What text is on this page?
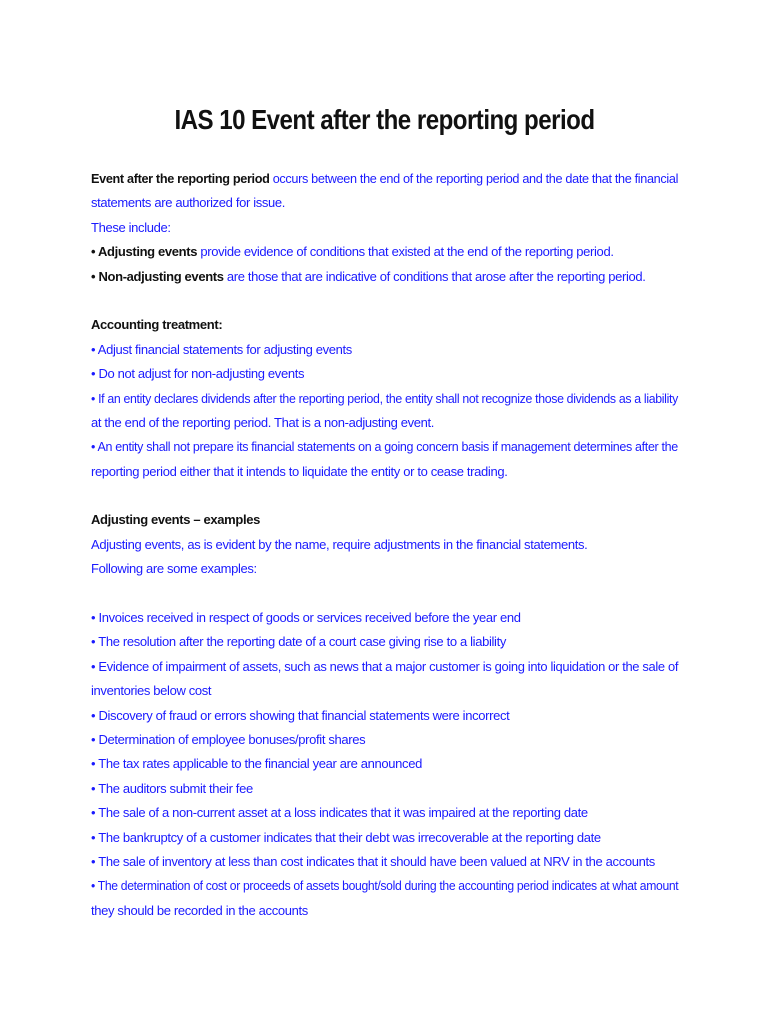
IAS 10 Event after the reporting period
Event after the reporting period occurs between the end of the reporting period and the date that the financial
statements are authorized for issue.
These include:
• Adjusting events provide evidence of conditions that existed at the end of the reporting period.
• Non-adjusting events are those that are indicative of conditions that arose after the reporting period.
Accounting treatment:
• Adjust financial statements for adjusting events
• Do not adjust for non-adjusting events
• If an entity declares dividends after the reporting period, the entity shall not recognize those dividends as a liability
at the end of the reporting period. That is a non-adjusting event.
• An entity shall not prepare its financial statements on a going concern basis if management determines after the
reporting period either that it intends to liquidate the entity or to cease trading.
Adjusting events – examples
Adjusting events, as is evident by the name, require adjustments in the financial statements.
Following are some examples:
• Invoices received in respect of goods or services received before the year end
• The resolution after the reporting date of a court case giving rise to a liability
• Evidence of impairment of assets, such as news that a major customer is going into liquidation or the sale of
inventories below cost
• Discovery of fraud or errors showing that financial statements were incorrect
• Determination of employee bonuses/profit shares
• The tax rates applicable to the financial year are announced
• The auditors submit their fee
• The sale of a non-current asset at a loss indicates that it was impaired at the reporting date
• The bankruptcy of a customer indicates that their debt was irrecoverable at the reporting date
• The sale of inventory at less than cost indicates that it should have been valued at NRV in the accounts
• The determination of cost or proceeds of assets bought/sold during the accounting period indicates at what amount
they should be recorded in the accounts
